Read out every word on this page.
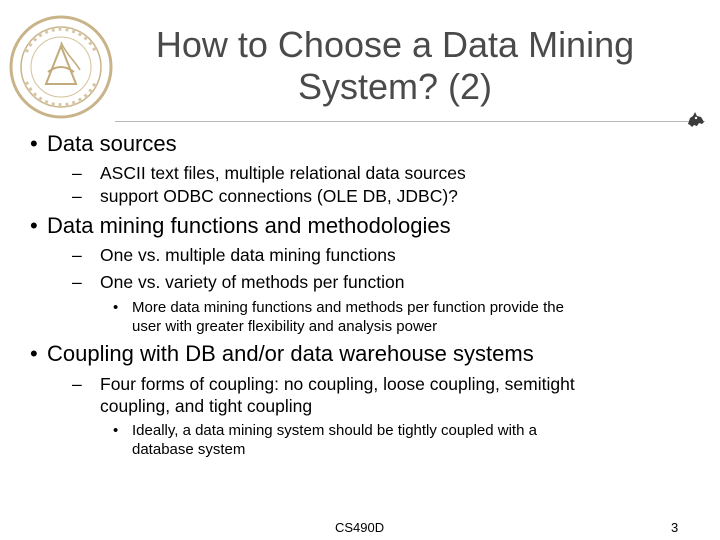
How to Choose a Data Mining
System? (2)
• Data sources
–	ASCII text files, multiple relational data sources
–	support ODBC connections (OLE DB, JDBC)?
• Data mining functions and methodologies
–	One vs. multiple data mining functions
–	One vs. variety of methods per function
• More data mining functions and methods per function provide the
user with greater flexibility and analysis power
• Coupling with DB and/or data warehouse systems
–	Four forms of coupling: no coupling, loose coupling, semitight
coupling, and tight coupling
• Ideally, a data mining system should be tightly coupled with a
database system
CS490D	3
